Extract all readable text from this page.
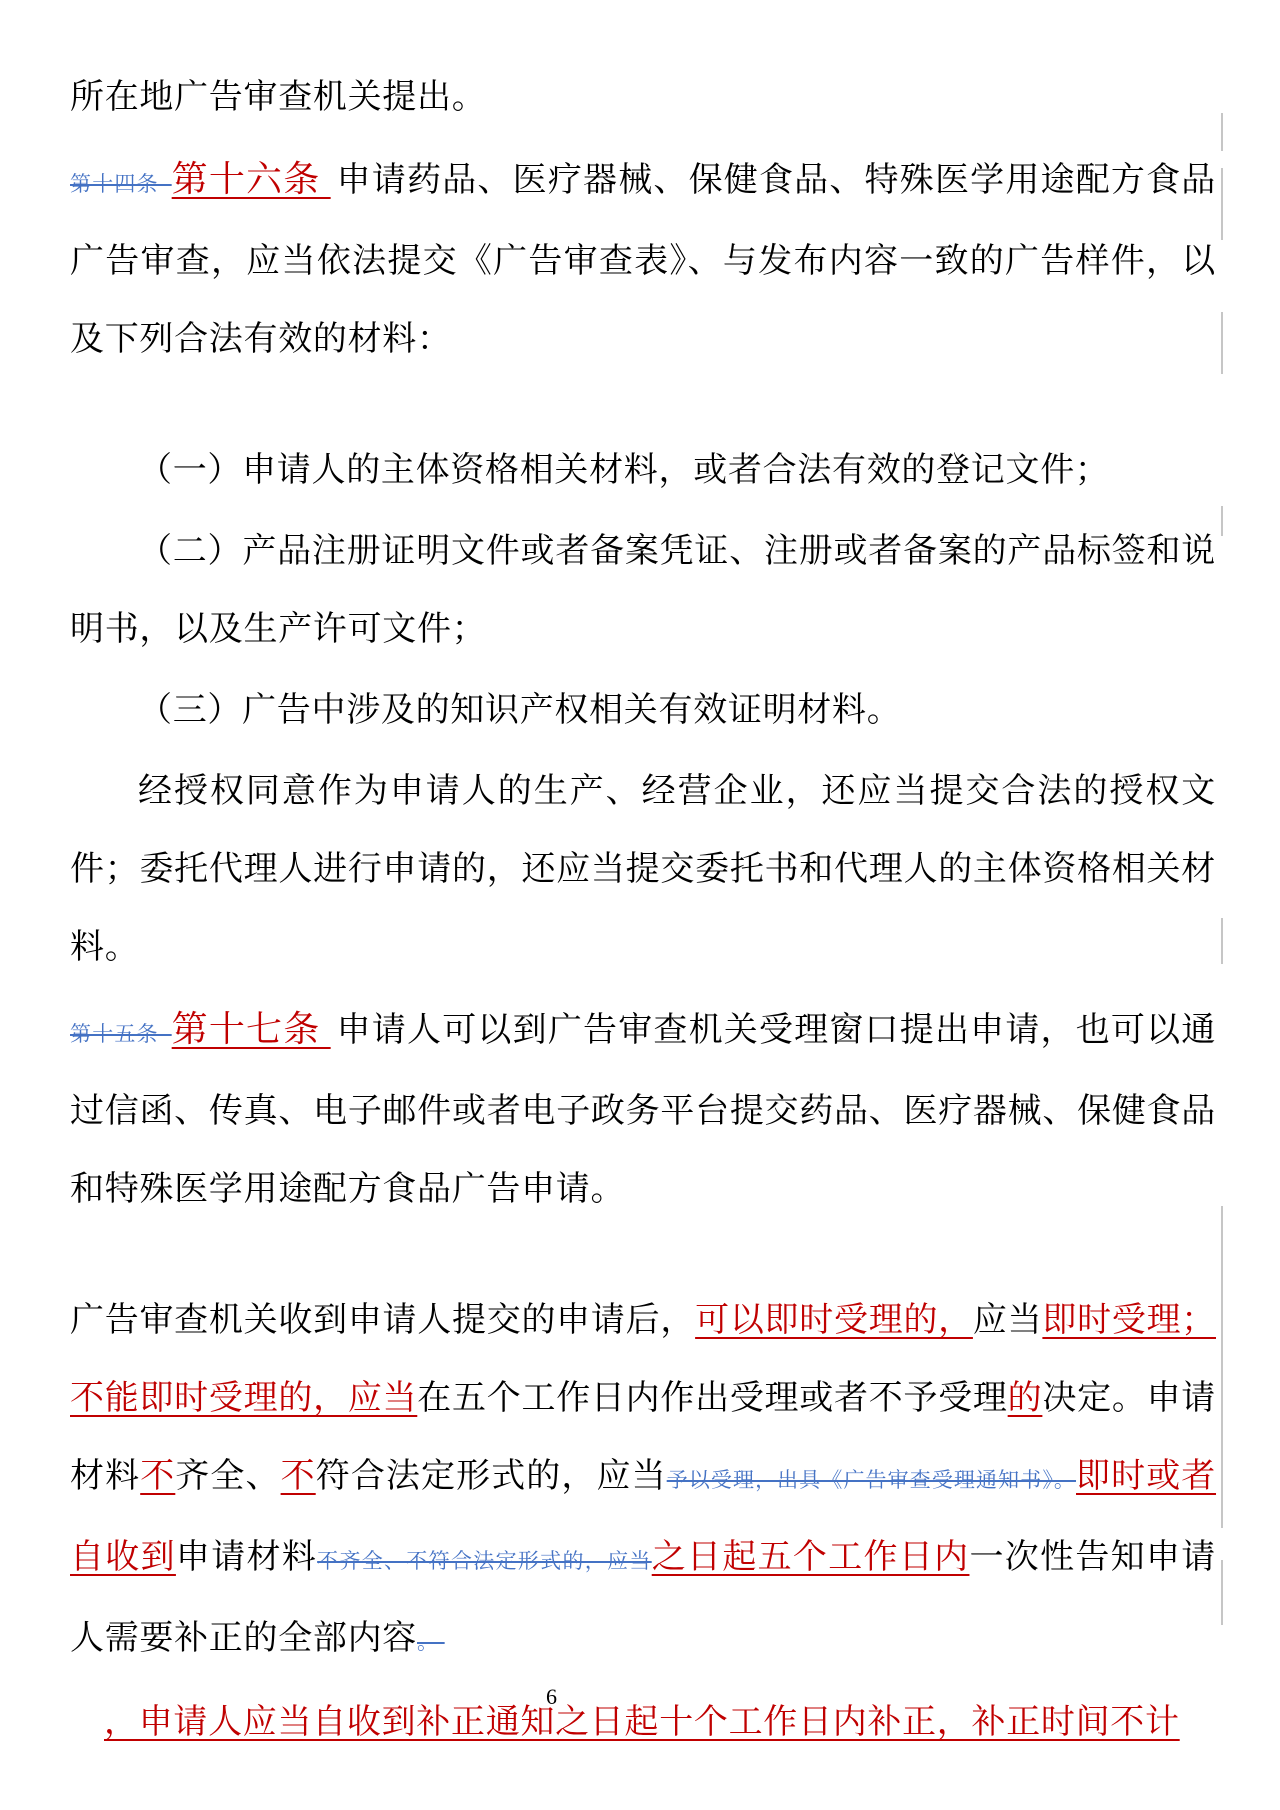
所在地广告审查机关提出。

第十四条  第十六条 申请药品、医疗器械、保健食品、特殊医学用途配方食品广告审查，应当依法提交《广告审查表》、与发布内容一致的广告样件，以及下列合法有效的材料：

（一）申请人的主体资格相关材料，或者合法有效的登记文件；

（二）产品注册证明文件或者备案凭证、注册或者备案的产品标签和说明书，以及生产许可文件；

（三）广告中涉及的知识产权相关有效证明材料。

经授权同意作为申请人的生产、经营企业，还应当提交合法的授权文件；委托代理人进行申请的，还应当提交委托书和代理人的主体资格相关材料。

第十五条  第十七条 申请人可以到广告审查机关受理窗口提出申请，也可以通过信函、传真、电子邮件或者电子政务平台提交药品、医疗器械、保健食品和特殊医学用途配方食品广告申请。

广告审查机关收到申请人提交的申请后，可以即时受理的，应当即时受理；不能即时受理的，应当在五个工作日内作出受理或者不予受理的决定。申请材料不齐全、不符合法定形式的，应当予以受理，出具《广告审查受理通知书》。即时或者自收到申请材料不齐全、不符合法定形式的，应当之日起五个工作日内一次性告知申请人需要补正的全部内容。

，申请人应当自收到补正通知之日起十个工作日内补正，补正时间不计

6
